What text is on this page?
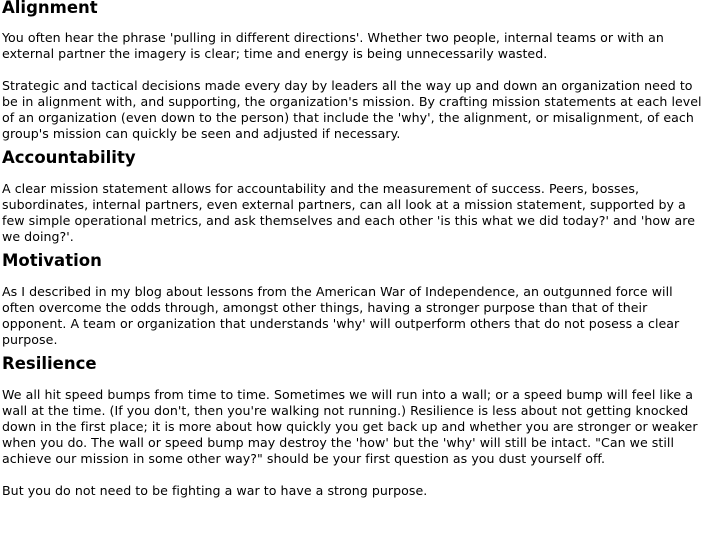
Alignment

You often hear the phrase 'pulling in different directions'. Whether two people, internal teams or with an external partner the imagery is clear; time and energy is being unnecessarily wasted.

Strategic and tactical decisions made every day by leaders all the way up and down an organization need to be in alignment with, and supporting, the organization's mission. By crafting mission statements at each level of an organization (even down to the person) that include the 'why', the alignment, or misalignment, of each group's mission can quickly be seen and adjusted if necessary.

Accountability

A clear mission statement allows for accountability and the measurement of success. Peers, bosses, subordinates, internal partners, even external partners, can all look at a mission statement, supported by a few simple operational metrics, and ask themselves and each other 'is this what we did today?' and 'how are we doing?'.

Motivation

As I described in my blog about lessons from the American War of Independence, an outgunned force will often overcome the odds through, amongst other things, having a stronger purpose than that of their opponent. A team or organization that understands 'why' will outperform others that do not posess a clear purpose.

Resilience

We all hit speed bumps from time to time. Sometimes we will run into a wall; or a speed bump will feel like a wall at the time. (If you don't, then you're walking not running.) Resilience is less about not getting knocked down in the first place; it is more about how quickly you get back up and whether you are stronger or weaker when you do. The wall or speed bump may destroy the 'how' but the 'why' will still be intact. "Can we still achieve our mission in some other way?" should be your first question as you dust yourself off.

But you do not need to be fighting a war to have a strong purpose.
